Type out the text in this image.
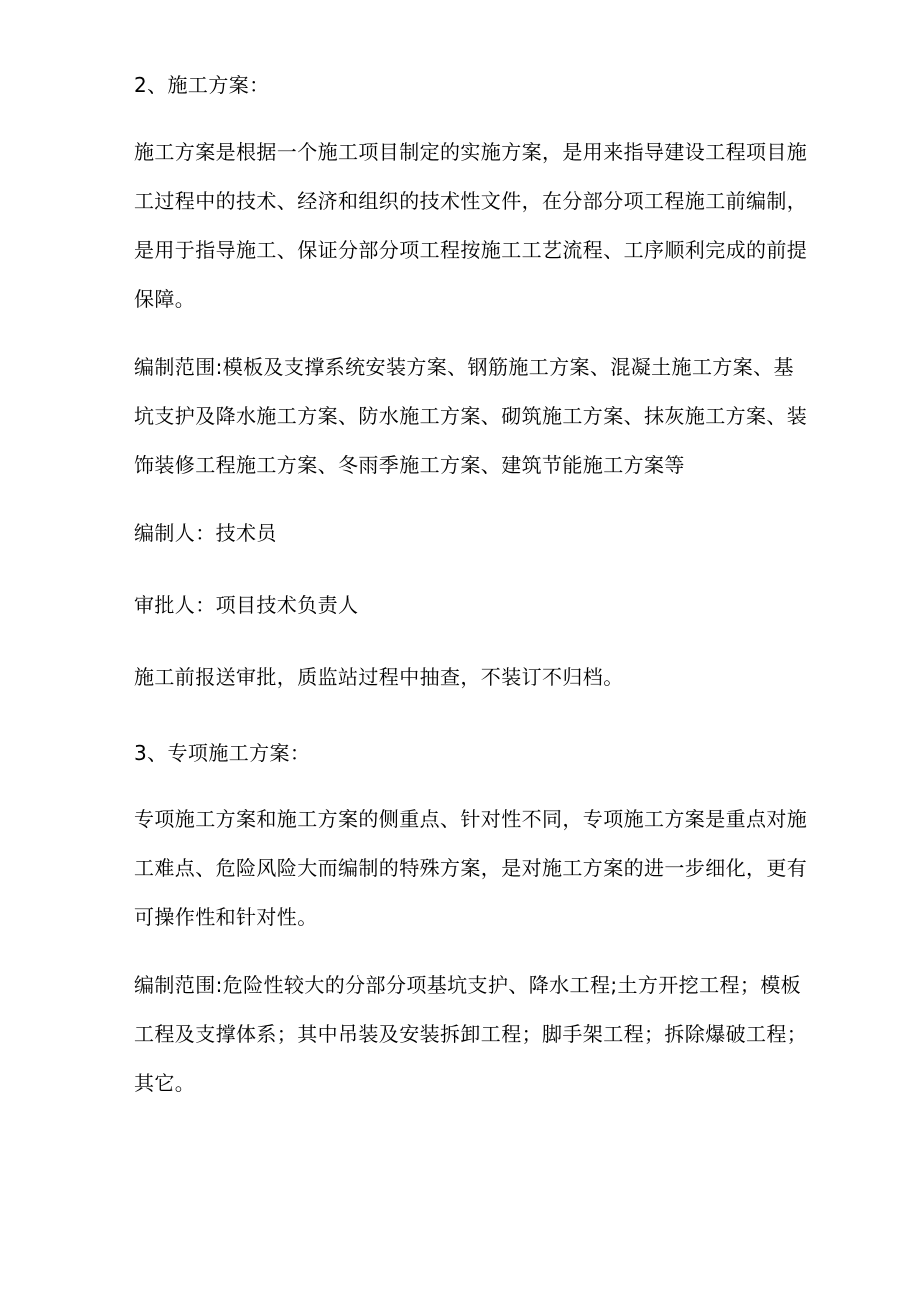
2、施工方案：
施工方案是根据一个施工项目制定的实施方案，是用来指导建设工程项目施
工过程中的技术、经济和组织的技术性文件，在分部分项工程施工前编制，
是用于指导施工、保证分部分项工程按施工工艺流程、工序顺利完成的前提
保障。
编制范围:模板及支撑系统安装方案、钢筋施工方案、混凝土施工方案、基
坑支护及降水施工方案、防水施工方案、砌筑施工方案、抹灰施工方案、装
饰装修工程施工方案、冬雨季施工方案、建筑节能施工方案等
编制人：技术员
审批人：项目技术负责人
施工前报送审批，质监站过程中抽查，不装订不归档。
3、专项施工方案：
专项施工方案和施工方案的侧重点、针对性不同，专项施工方案是重点对施
工难点、危险风险大而编制的特殊方案，是对施工方案的进一步细化，更有
可操作性和针对性。
编制范围:危险性较大的分部分项基坑支护、降水工程;土方开挖工程；模板
工程及支撑体系；其中吊装及安装拆卸工程；脚手架工程；拆除爆破工程；
其它。
